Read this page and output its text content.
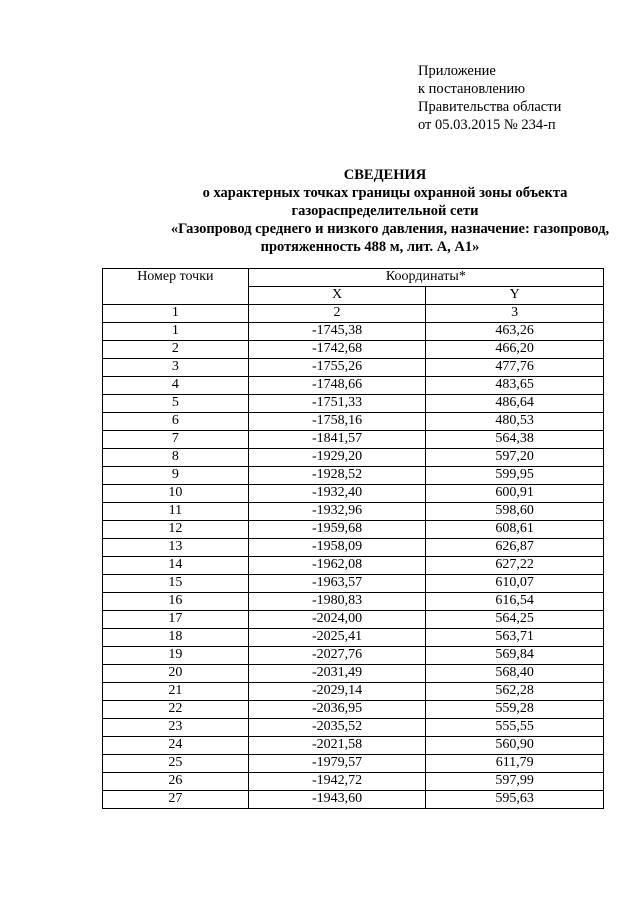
Приложение
к постановлению
Правительства области
от 05.03.2015 № 234-п
СВЕДЕНИЯ
о характерных точках границы охранной зоны объекта
газораспределительной сети
«Газопровод среднего и низкого давления, назначение: газопровод,
протяженность 488 м, лит. А, А1»
Номер точки	Координаты*	
	X	Y
1	2	3
1	-1745,38	463,26
2	-1742,68	466,20
3	-1755,26	477,76
4	-1748,66	483,65
5	-1751,33	486,64
6	-1758,16	480,53
7	-1841,57	564,38
8	-1929,20	597,20
9	-1928,52	599,95
10	-1932,40	600,91
11	-1932,96	598,60
12	-1959,68	608,61
13	-1958,09	626,87
14	-1962,08	627,22
15	-1963,57	610,07
16	-1980,83	616,54
17	-2024,00	564,25
18	-2025,41	563,71
19	-2027,76	569,84
20	-2031,49	568,40
21	-2029,14	562,28
22	-2036,95	559,28
23	-2035,52	555,55
24	-2021,58	560,90
25	-1979,57	611,79
26	-1942,72	597,99
27	-1943,60	595,63
